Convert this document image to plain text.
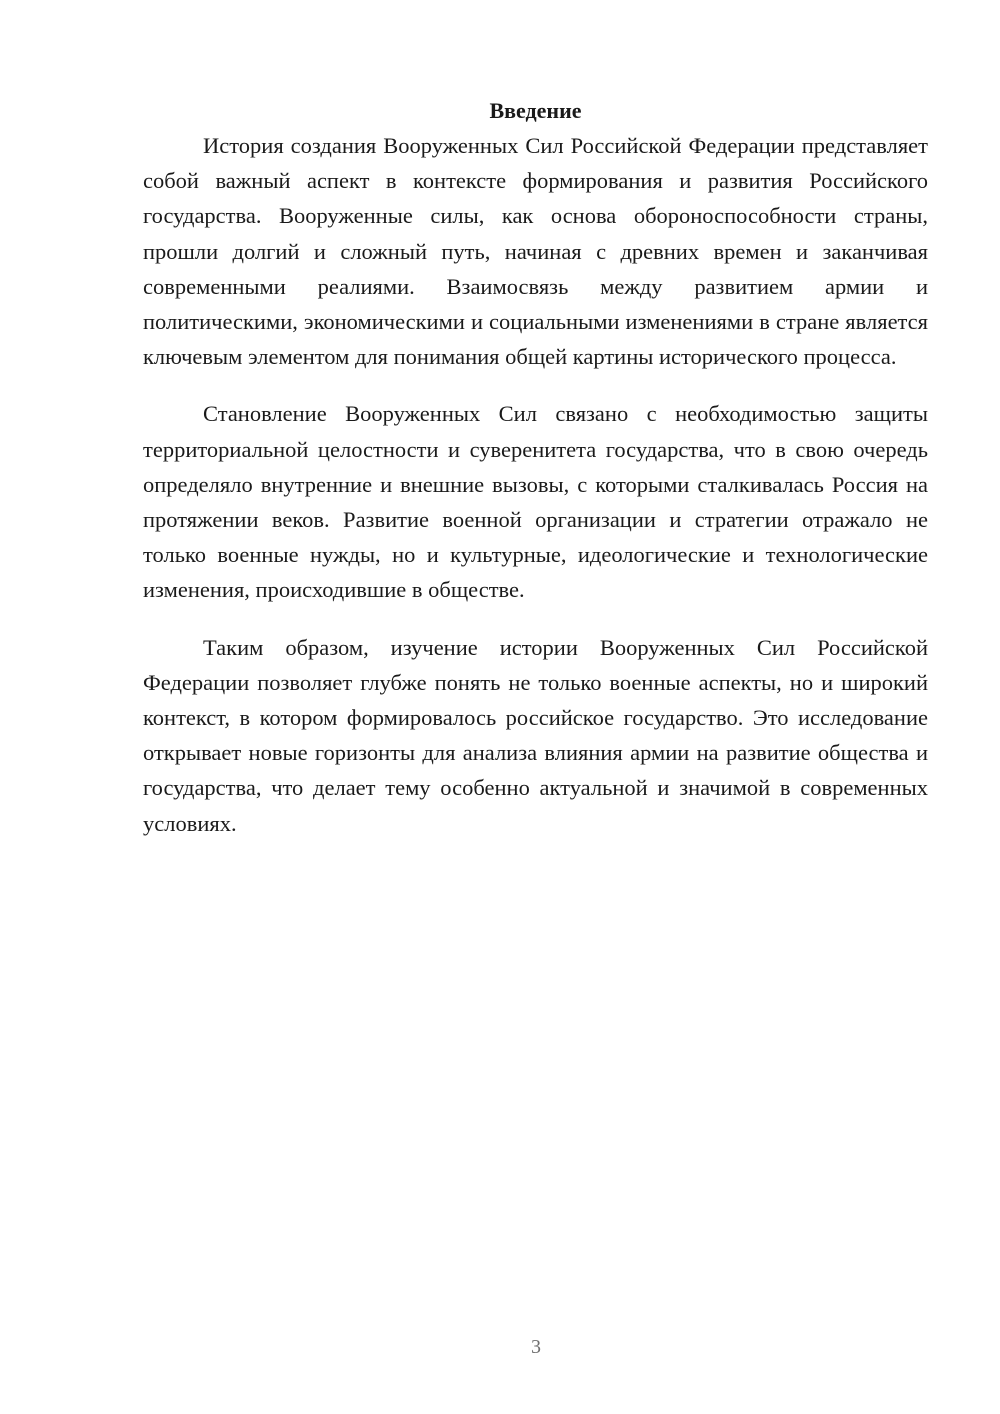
Введение

История создания Вооруженных Сил Российской Федерации представляет собой важный аспект в контексте формирования и развития Российского государства. Вооруженные силы, как основа обороноспособности страны, прошли долгий и сложный путь, начиная с древних времен и заканчивая современными реалиями. Взаимосвязь между развитием армии и политическими, экономическими и социальными изменениями в стране является ключевым элементом для понимания общей картины исторического процесса.

Становление Вооруженных Сил связано с необходимостью защиты территориальной целостности и суверенитета государства, что в свою очередь определяло внутренние и внешние вызовы, с которыми сталкивалась Россия на протяжении веков. Развитие военной организации и стратегии отражало не только военные нужды, но и культурные, идеологические и технологические изменения, происходившие в обществе.

Таким образом, изучение истории Вооруженных Сил Российской Федерации позволяет глубже понять не только военные аспекты, но и широкий контекст, в котором формировалось российское государство. Это исследование открывает новые горизонты для анализа влияния армии на развитие общества и государства, что делает тему особенно актуальной и значимой в современных условиях.

3
